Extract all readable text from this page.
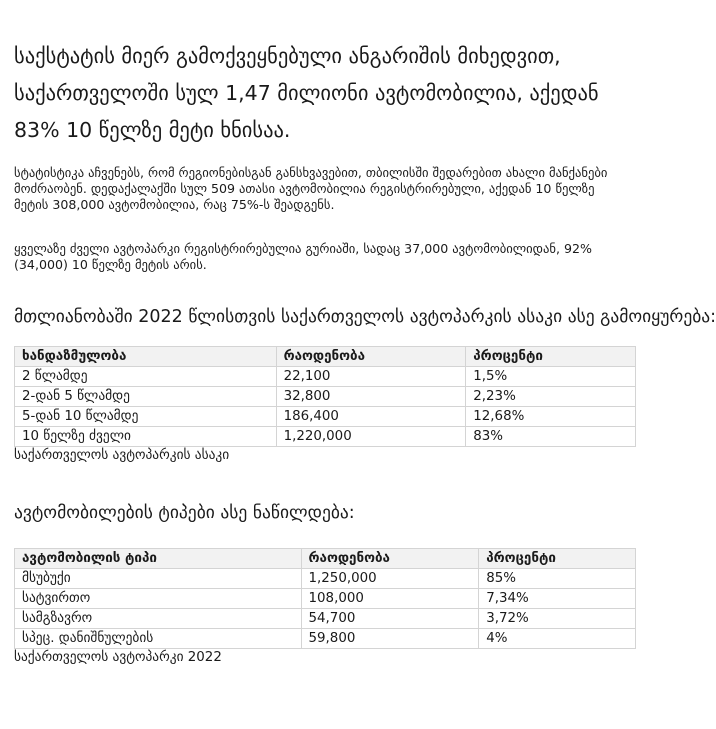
საქსტატის მიერ გამოქვეყნებული ანგარიშის მიხედვით, საქართველოში სულ 1,47 მილიონი ავტომობილია, აქედან 83% 10 წელზე მეტი ხნისაა.

სტატისტიკა აჩვენებს, რომ რეგიონებისგან განსხვავებით, თბილისში შედარებით ახალი მანქანები მოძრაობენ. დედაქალაქში სულ 509 ათასი ავტომობილია რეგისტრირებული, აქედან 10 წელზე მეტის 308,000 ავტომობილია, რაც 75%-ს შეადგენს.

ყველაზე ძველი ავტოპარკი რეგისტრირებულია გურიაში, სადაც 37,000 ავტომობილიდან, 92% (34,000) 10 წელზე მეტის არის.

მთლიანობაში 2022 წლისთვის საქართველოს ავტოპარკის ასაკი ასე გამოიყურება:
ხანდაზმულობა	რაოდენობა	პროცენტი
2 წლამდე	22,100	1,5%
2-დან 5 წლამდე	32,800	2,23%
5-დან 10 წლამდე	186,400	12,68%
10 წელზე ძველი	1,220,000	83%

საქართველოს ავტოპარკის ასაკი

ავტომობილების ტიპები ასე ნაწილდება:
ავტომობილის ტიპი	რაოდენობა	პროცენტი
მსუბუქი	1,250,000	85%
სატვირთო	108,000	7,34%
სამგზავრო	54,700	3,72%
სპეც. დანიშნულების	59,800	4%

საქართველოს ავტოპარკი 2022
